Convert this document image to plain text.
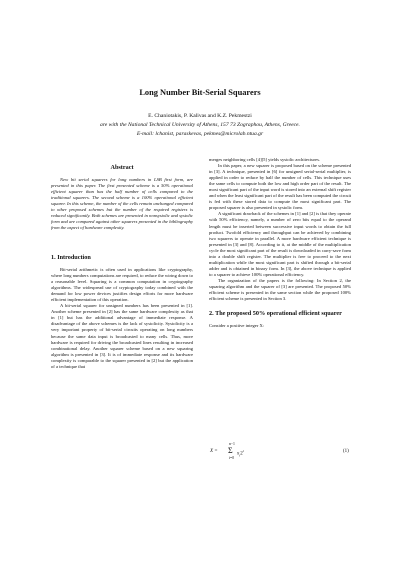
Long Number Bit-Serial Squarers
E. Chaniotakis, P. Kalivas and K.Z. Pekmestzi
are with the National Technical University of Athens, 157 73 Zographou, Athens, Greece.
E-mail: lchanist, paraskevas, pekmes@microlab.ntua.gr

Abstract

New bit serial squarers for long numbers in LSB first form, are presented in this paper. The first presented scheme is a 50% operational efficient squarer than has the half number of cells compared to the traditional squarers. The second scheme is a 100% operational efficient squarer. In this scheme, the number of the cells remain unchanged compared to other proposed schemes but the number of the required registers is reduced significantly. Both schemes are presented in nonsystolic and systolic form and are compared against other squarers presented in the bibliography from the aspect of hardware complexity.

1. Introduction

Bit-serial arithmetic is often used in applications like cryptography, where long numbers computations are required, to reduce the wiring down to a reasonable level. Squaring is a common computation in cryptography algorithms. The widespread use of cryptography today combined with the demand for low power devices justifies design efforts for more hardware efficient implementation of this operation.

A bit-serial squarer for unsigned numbers has been presented in [1]. Another scheme presented in [2] has the same hardware complexity as that in [1] but has the additional advantage of immediate response. A disadvantage of the above schemes is the lack of systolicity. Systolicity is a very important property of bit-serial circuits operating on long numbers because the same data input is broadcasted to many cells. Thus, more hardware is required for driving the broadcasted lines resulting in increased combinational delay. Another squarer scheme based on a new squaring algorithm is presented in [3]. It is of immediate response and its hardware complexity is comparable to the squarer presented in [2] but the application of a technique that

merges neighboring cells [4][5] yields systolic architectures.

In this paper, a new squarer is proposed based on the scheme presented in [3]. A technique, presented in [6] for unsigned serial-serial multiplier, is applied in order to reduce by half the number of cells. This technique uses the same cells to compute both the low and high order part of the result. The most significant part of the input word is stored into an external shift register and when the least significant part of the result has been computed the circuit is fed with these stored data to compute the most significant part. The proposed squarer is also presented in systolic form.

A significant drawback of the schemes in [1] and [2] is that they operate with 50% efficiency, namely, a number of zero bits equal to the operand length must be inserted between successive input words to obtain the full product. Twofold efficiency and throughput can be achieved by combining two squarers to operate in parallel. A more hardware efficient technique is presented in [3] and [8]. According to it, at the middle of the multiplication cycle the most significant part of the result is downloaded in carry-save form into a double shift register. The multiplier is free to proceed to the next multiplication while the most significant part is shifted through a bit-serial adder and is obtained in binary form. In [3], the above technique is applied to a squarer to achieve 100% operational efficiency.

The organization of the papers is the following: In Section 2, the squaring algorithm and the squarer of [3] are presented. The proposed 50% efficient scheme is presented in the same section while the proposed 100% efficient scheme is presented in Section 3.

2. The proposed 50% operational efficient squarer

Consider a positive integer X:

X =
n−1
Σ
i=0
$x_i2^i$	(1)
